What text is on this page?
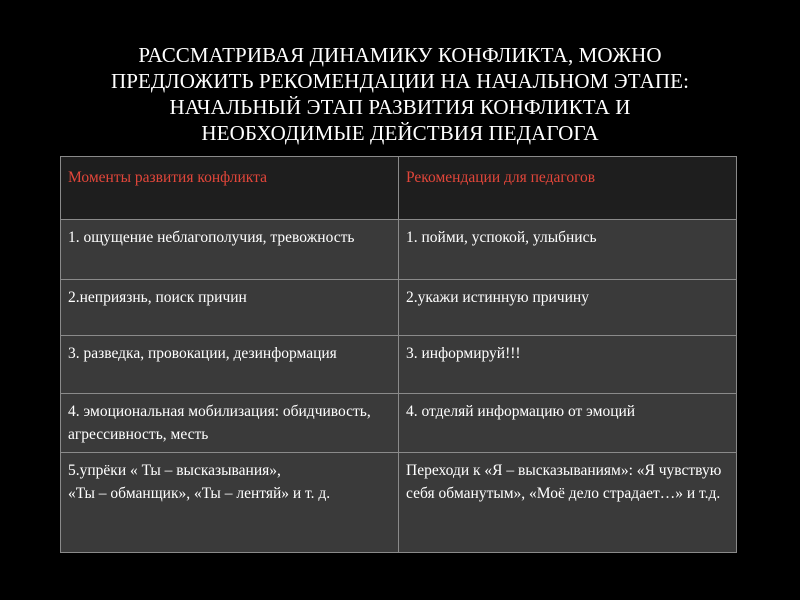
РАССМАТРИВАЯ ДИНАМИКУ КОНФЛИКТА, МОЖНО
ПРЕДЛОЖИТЬ РЕКОМЕНДАЦИИ НА НАЧАЛЬНОМ ЭТАПЕ:
НАЧАЛЬНЫЙ ЭТАП РАЗВИТИЯ КОНФЛИКТА И
НЕОБХОДИМЫЕ ДЕЙСТВИЯ ПЕДАГОГА
Моменты развития конфликта	Рекомендации для педагогов
1. ощущение неблагополучия, тревожность	1. пойми, успокой, улыбнись
2.неприязнь, поиск причин	2.укажи истинную причину
3. разведка, провокации, дезинформация	3. информируй!!!
4. эмоциональная мобилизация: обидчивость, агрессивность, месть	4. отделяй информацию от эмоций

5.упрёки « Ты – высказывания»,
«Ты – обманщик», «Ты – лентяй» и т. д.	Переходи к «Я – высказываниям»: «Я чувствую себя обманутым», «Моё дело страдает…» и т.д.
